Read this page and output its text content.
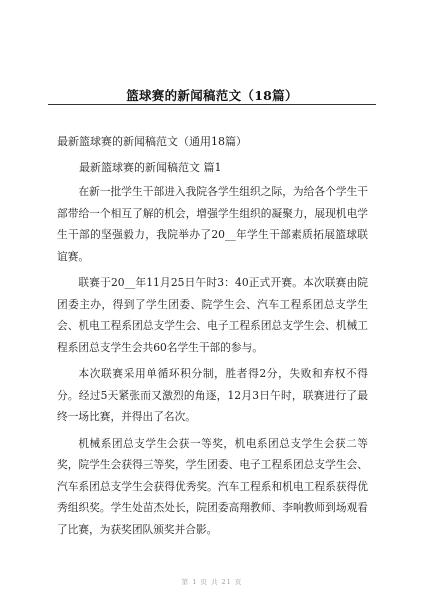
篮球赛的新闻稿范文（18篇）
最新篮球赛的新闻稿范文（通用18篇）
最新篮球赛的新闻稿范文 篇1

在新一批学生干部进入我院各学生组织之际，为给各个学生干部带给一个相互了解的机会，增强学生组织的凝聚力，展现机电学生干部的坚强毅力，我院举办了20__年学生干部素质拓展篮球联谊赛。

联赛于20__年11月25日午时3：40正式开赛。本次联赛由院团委主办，得到了学生团委、院学生会、汽车工程系团总支学生会、机电工程系团总支学生会、电子工程系团总支学生会、机械工程系团总支学生会共60名学生干部的参与。

本次联赛采用单循环积分制，胜者得2分，失败和弃权不得分。经过5天紧张而又激烈的角逐，12月3日午时，联赛进行了最终一场比赛，并得出了名次。

机械系团总支学生会获一等奖，机电系团总支学生会获二等奖，院学生会获得三等奖，学生团委、电子工程系团总支学生会、汽车系团总支学生会获得优秀奖。汽车工程系和机电工程系获得优秀组织奖。学生处苗杰处长，院团委高翔教师、李响教师到场观看了比赛，为获奖团队颁奖并合影。

第 1 页 共 21 页
